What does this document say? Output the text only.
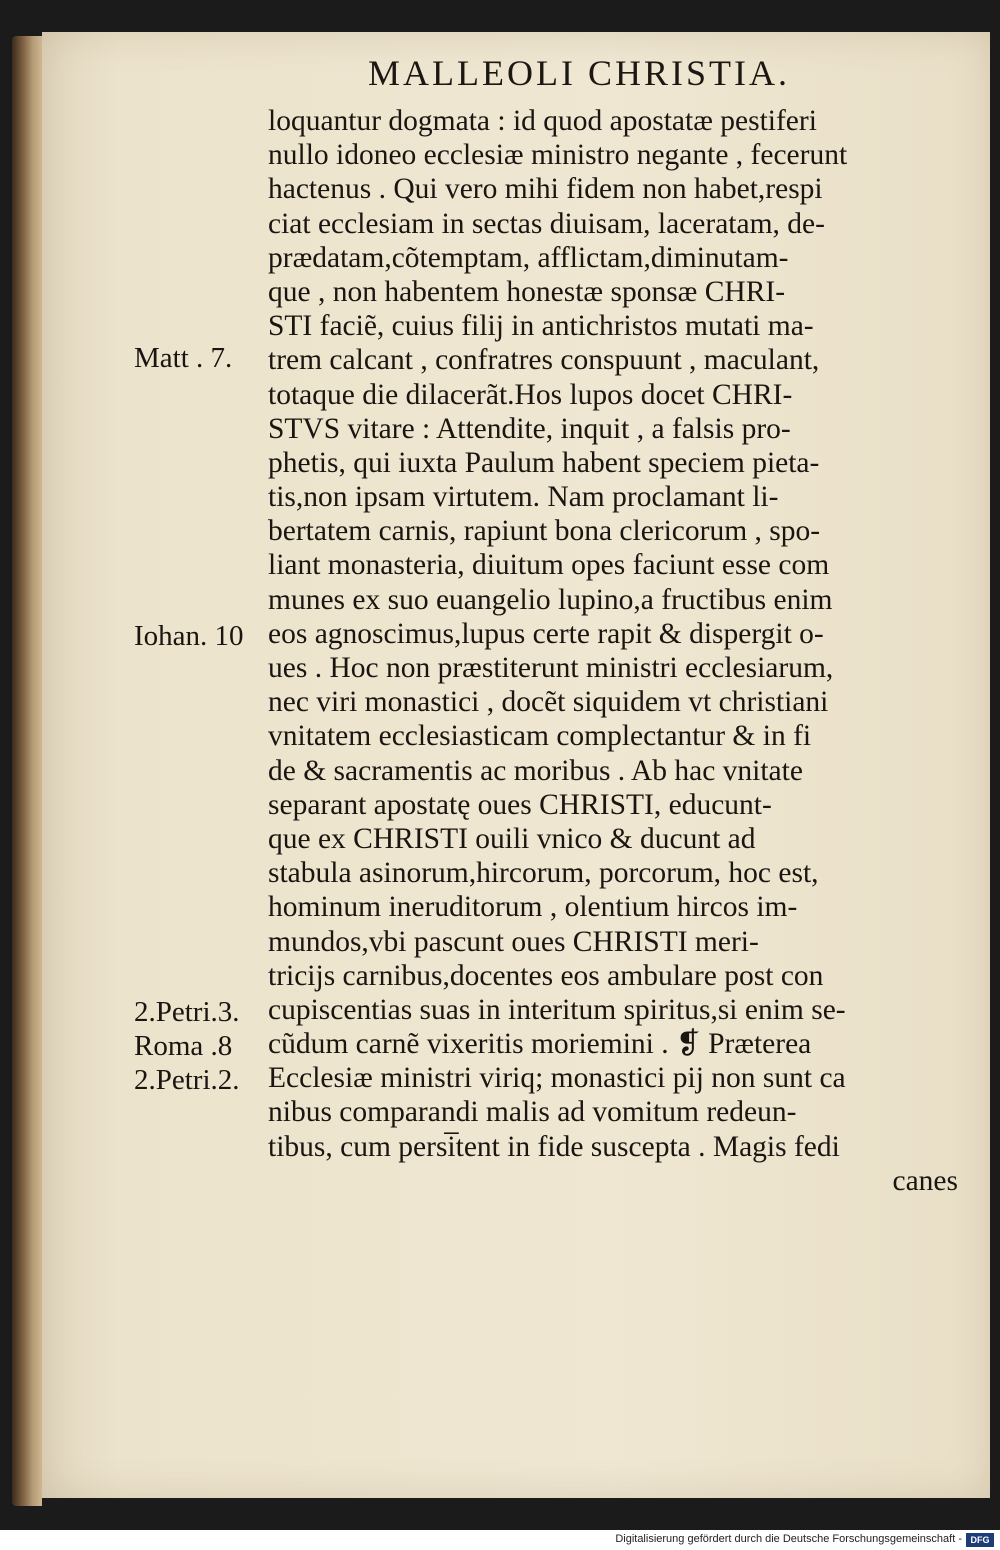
MALLEOLI CHRISTIA.
loquantur dogmata : id quod apostatæ pestiferi
nullo idoneo ecclesiæ ministro negante , fecerunt
hactenus . Qui vero mihi fidem non habet,respi
ciat ecclesiam in sectas diuisam, laceratam, de-
prædatam,cõtemptam, afflictam,diminutam-
que , non habentem honestæ sponsæ CHRI-
STI faciẽ, cuius filij in antichristos mutati ma-
trem calcant , confratres conspuunt , maculant,
totaque die dilacerãt.Hos lupos docet CHRI-
STVS vitare : Attendite, inquit , a falsis pro-
phetis, qui iuxta Paulum habent speciem pieta-
tis,non ipsam virtutem. Nam proclamant li-
bertatem carnis, rapiunt bona clericorum , spo-
liant monasteria, diuitum opes faciunt esse com
munes ex suo euangelio lupino,a fructibus enim
eos agnoscimus,lupus certe rapit & dispergit o-
ues . Hoc non præstiterunt ministri ecclesiarum,
nec viri monastici , docẽt siquidem vt christiani
vnitatem ecclesiasticam complectantur & in fi
de & sacramentis ac moribus . Ab hac vnitate
separant apostatę oues CHRISTI, educunt-
que ex CHRISTI ouili vnico & ducunt ad
stabula asinorum,hircorum, porcorum, hoc est,
hominum ineruditorum , olentium hircos im-
mundos,vbi pascunt oues CHRISTI meri-
tricijs carnibus,docentes eos ambulare post con
cupiscentias suas in interitum spiritus,si enim se-
cũdum carnẽ vixeritis moriemini . ❡ Præterea
Ecclesiæ ministri viriq; monastici pij non sunt ca
nibus comparandi malis ad vomitum redeun-
tibus, cum persi̅tent in fide suscepta . Magis fedi
canes
Matt . 7.
Iohan. 10
2.Petri.3.
Roma .8
2.Petri.2.
Digitalisierung gefördert durch die Deutsche Forschungsgemeinschaft - DFG
